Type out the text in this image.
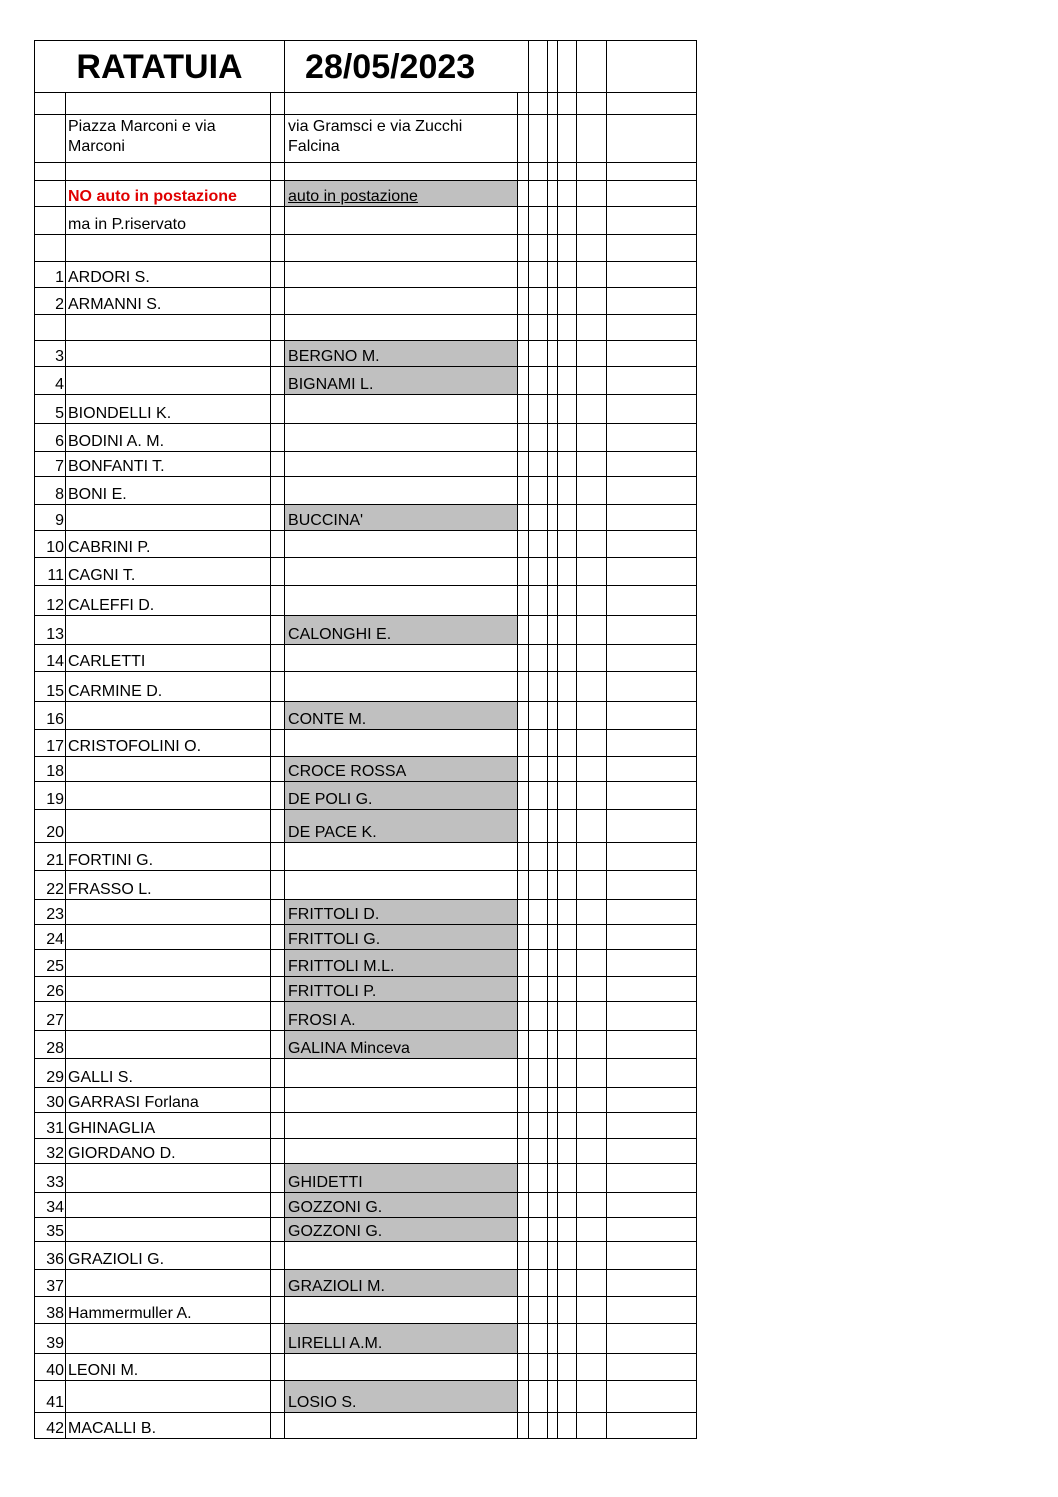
RATATUIA			28/05/2023						

	Piazza Marconi e via Marconi		via Gramsci e via Zucchi Falcina						

	NO auto in postazione		auto in postazione						
	ma in P.riservato								

1	ARDORI S.								
2	ARMANNI S.								

3			BERGNO M.						
4			BIGNAMI L.						
5	BIONDELLI K.								
6	BODINI A. M.								
7	BONFANTI T.								
8	BONI E.								
9			BUCCINA'						
10	CABRINI P.								
11	CAGNI T.								
12	CALEFFI D.								
13			CALONGHI E.						
14	CARLETTI								
15	CARMINE D.								
16			CONTE M.						
17	CRISTOFOLINI O.								
18			CROCE ROSSA						
19			DE POLI G.						
20			DE PACE K.						
21	FORTINI G.								
22	FRASSO L.								
23			FRITTOLI D.						
24			FRITTOLI G.						
25			FRITTOLI M.L.						
26			FRITTOLI P.						
27			FROSI A.						
28			GALINA Minceva						
29	GALLI S.								
30	GARRASI Forlana								
31	GHINAGLIA								
32	GIORDANO D.								
33			GHIDETTI						
34			GOZZONI G.						
35			GOZZONI G.						
36	GRAZIOLI G.								
37			GRAZIOLI M.						
38	Hammermuller A.								
39			LIRELLI A.M.						
40	LEONI M.								
41			LOSIO S.						
42	MACALLI B.								
